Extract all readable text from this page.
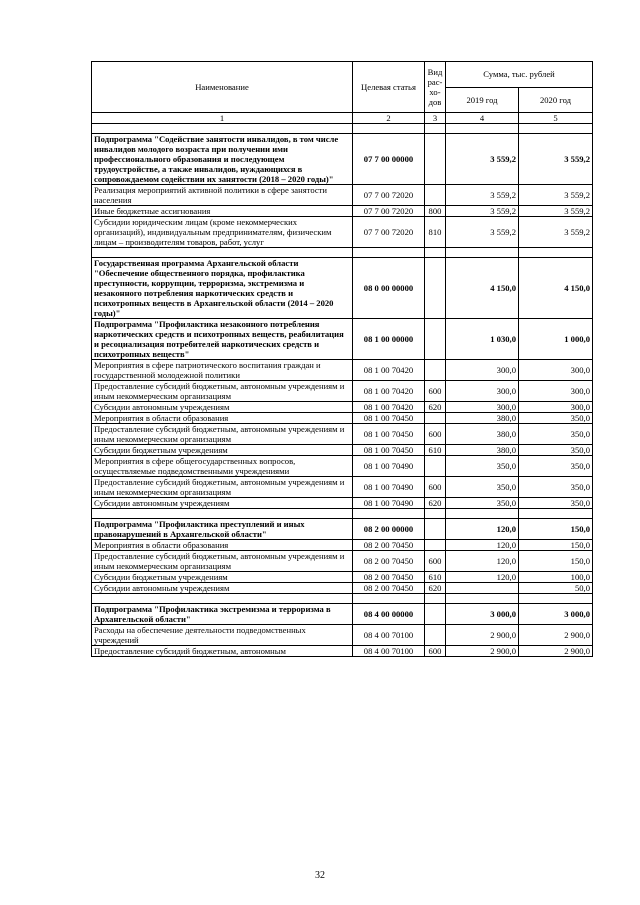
Наименование	Целевая статья	Вид рас- хо- дов	Сумма, тыс. рублей	
			2019 год	2020 год
1	2	3	4	5

Подпрограмма "Содействие занятости инвалидов, в том числе инвалидов молодого возраста при получении ими профессионального образования и последующем трудоустройстве, а также инвалидов, нуждающихся в сопровождаемом содействии их занятости (2018 – 2020 годы)"	07 7 00 00000		3 559,2	3 559,2
Реализация мероприятий активной политики в сфере занятости населения	07 7 00 72020		3 559,2	3 559,2
Иные бюджетные ассигнования	07 7 00 72020	800	3 559,2	3 559,2
Субсидии юридическим лицам (кроме некоммерческих организаций), индивидуальным предпринимателям, физическим лицам – производителям товаров, работ, услуг	07 7 00 72020	810	3 559,2	3 559,2

Государственная программа Архангельской области "Обеспечение общественного порядка, профилактика преступности, коррупции, терроризма, экстремизма и незаконного потребления наркотических средств и психотропных веществ в Архангельской области (2014 – 2020 годы)"	08 0 00 00000		4 150,0	4 150,0
Подпрограмма "Профилактика незаконного потребления наркотических средств и психотропных веществ, реабилитация и ресоциализация потребителей наркотических средств и психотропных веществ"	08 1 00 00000		1 030,0	1 000,0
Мероприятия в сфере патриотического воспитания граждан и государственной молодежной политики	08 1 00 70420		300,0	300,0
Предоставление субсидий бюджетным, автономным учреждениям и иным некоммерческим организациям	08 1 00 70420	600	300,0	300,0
Субсидии автономным учреждениям	08 1 00 70420	620	300,0	300,0
Мероприятия в области образования	08 1 00 70450		380,0	350,0
Предоставление субсидий бюджетным, автономным учреждениям и иным некоммерческим организациям	08 1 00 70450	600	380,0	350,0
Субсидии бюджетным учреждениям	08 1 00 70450	610	380,0	350,0
Мероприятия в сфере общегосударственных вопросов, осуществляемые подведомственными учреждениями	08 1 00 70490		350,0	350,0
Предоставление субсидий бюджетным, автономным учреждениям и иным некоммерческим организациям	08 1 00 70490	600	350,0	350,0
Субсидии автономным учреждениям	08 1 00 70490	620	350,0	350,0

Подпрограмма "Профилактика преступлений и иных правонарушений в Архангельской области"	08 2 00 00000		120,0	150,0
Мероприятия в области образования	08 2 00 70450		120,0	150,0
Предоставление субсидий бюджетным, автономным учреждениям и иным некоммерческим организациям	08 2 00 70450	600	120,0	150,0
Субсидии бюджетным учреждениям	08 2 00 70450	610	120,0	100,0
Субсидии автономным учреждениям	08 2 00 70450	620		50,0

Подпрограмма "Профилактика экстремизма и терроризма в Архангельской области"	08 4 00 00000		3 000,0	3 000,0
Расходы на обеспечение деятельности подведомственных учреждений	08 4 00 70100		2 900,0	2 900,0
Предоставление субсидий бюджетным, автономным	08 4 00 70100	600	2 900,0	2 900,0
32
